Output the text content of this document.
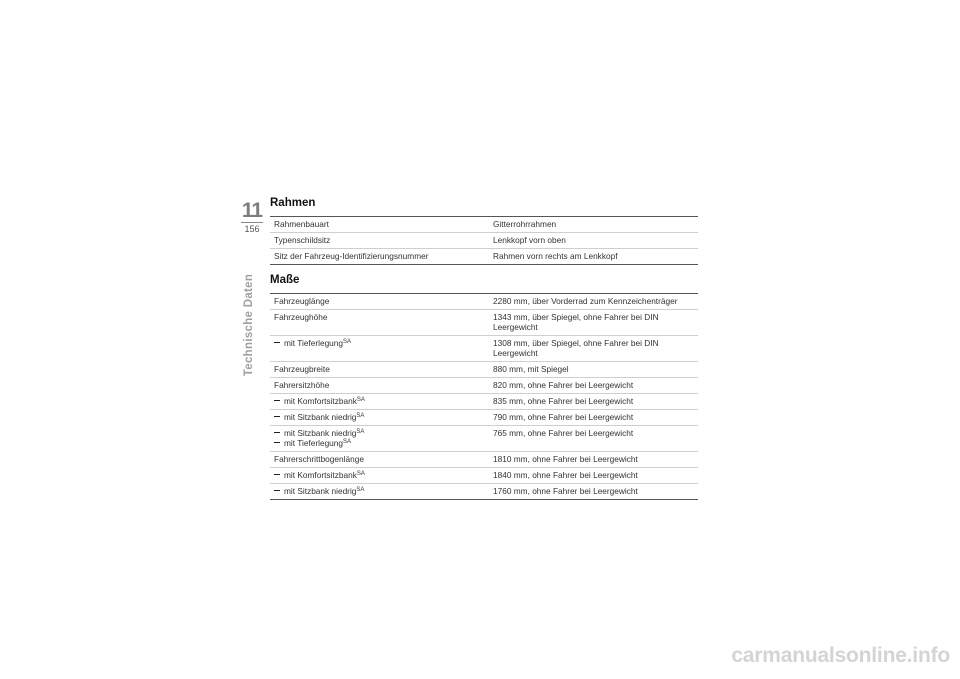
11
156
Technische Daten
Rahmen
Rahmenbauart	Gitterrohrrahmen
Typenschildsitz	Lenkkopf vorn oben
Sitz der Fahrzeug-Identifizierungsnummer	Rahmen vorn rechts am Lenkkopf
Maße
Fahrzeuglänge	2280 mm, über Vorderrad zum Kennzeichenträger
Fahrzeughöhe	1343 mm, über Spiegel, ohne Fahrer bei DIN Leergewicht
mit Tieferlegung$^{SA}$	1308 mm, über Spiegel, ohne Fahrer bei DIN Leergewicht
Fahrzeugbreite	880 mm, mit Spiegel
Fahrersitzhöhe	820 mm, ohne Fahrer bei Leergewicht
mit Komfortsitzbank$^{SA}$	835 mm, ohne Fahrer bei Leergewicht
mit Sitzbank niedrig$^{SA}$	790 mm, ohne Fahrer bei Leergewicht
mit Sitzbank niedrig$^{SA}$
mit Tieferlegung$^{SA}$	765 mm, ohne Fahrer bei Leergewicht
Fahrerschrittbogenlänge	1810 mm, ohne Fahrer bei Leergewicht
mit Komfortsitzbank$^{SA}$	1840 mm, ohne Fahrer bei Leergewicht
mit Sitzbank niedrig$^{SA}$	1760 mm, ohne Fahrer bei Leergewicht
carmanualsonline.info
